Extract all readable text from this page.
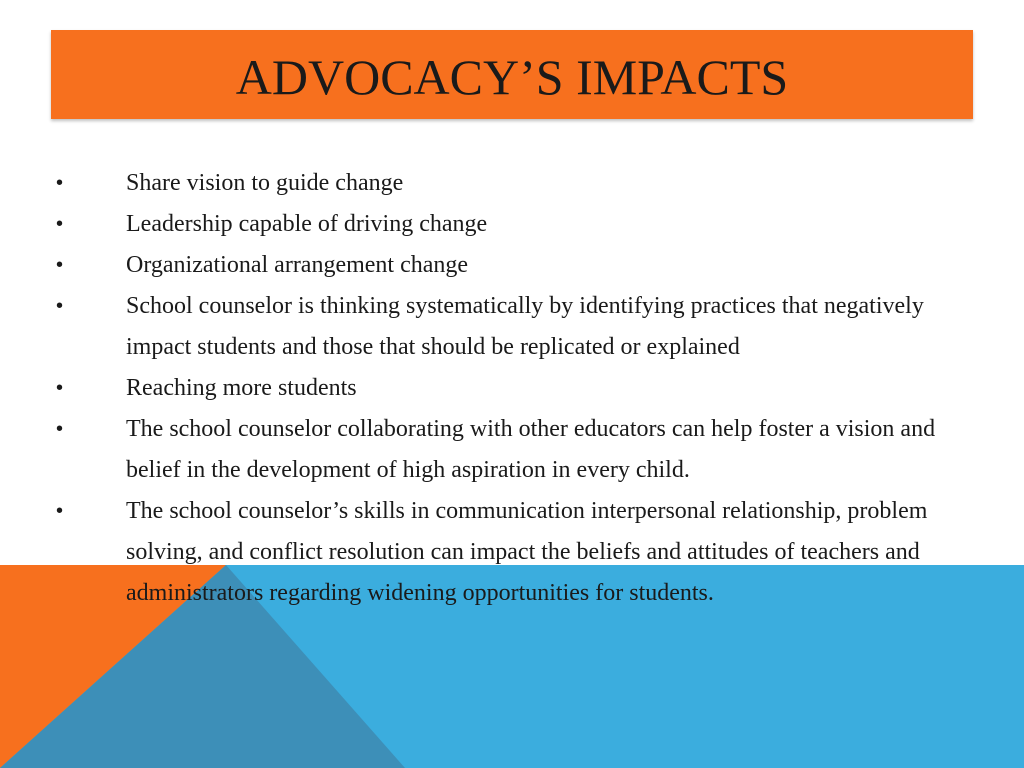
ADVOCACY’S IMPACTS
•	Share vision to guide change
•	Leadership capable of driving change
•	Organizational arrangement change
•	School counselor is thinking systematically by identifying practices that negatively impact students and those that should be replicated or explained
•	Reaching more students
•	The school counselor collaborating with other educators can help foster a vision and belief in the development of high aspiration in every child.
•	The school counselor’s skills in communication interpersonal relationship, problem solving, and conflict resolution can impact the beliefs and attitudes of teachers and administrators regarding widening opportunities for students.
